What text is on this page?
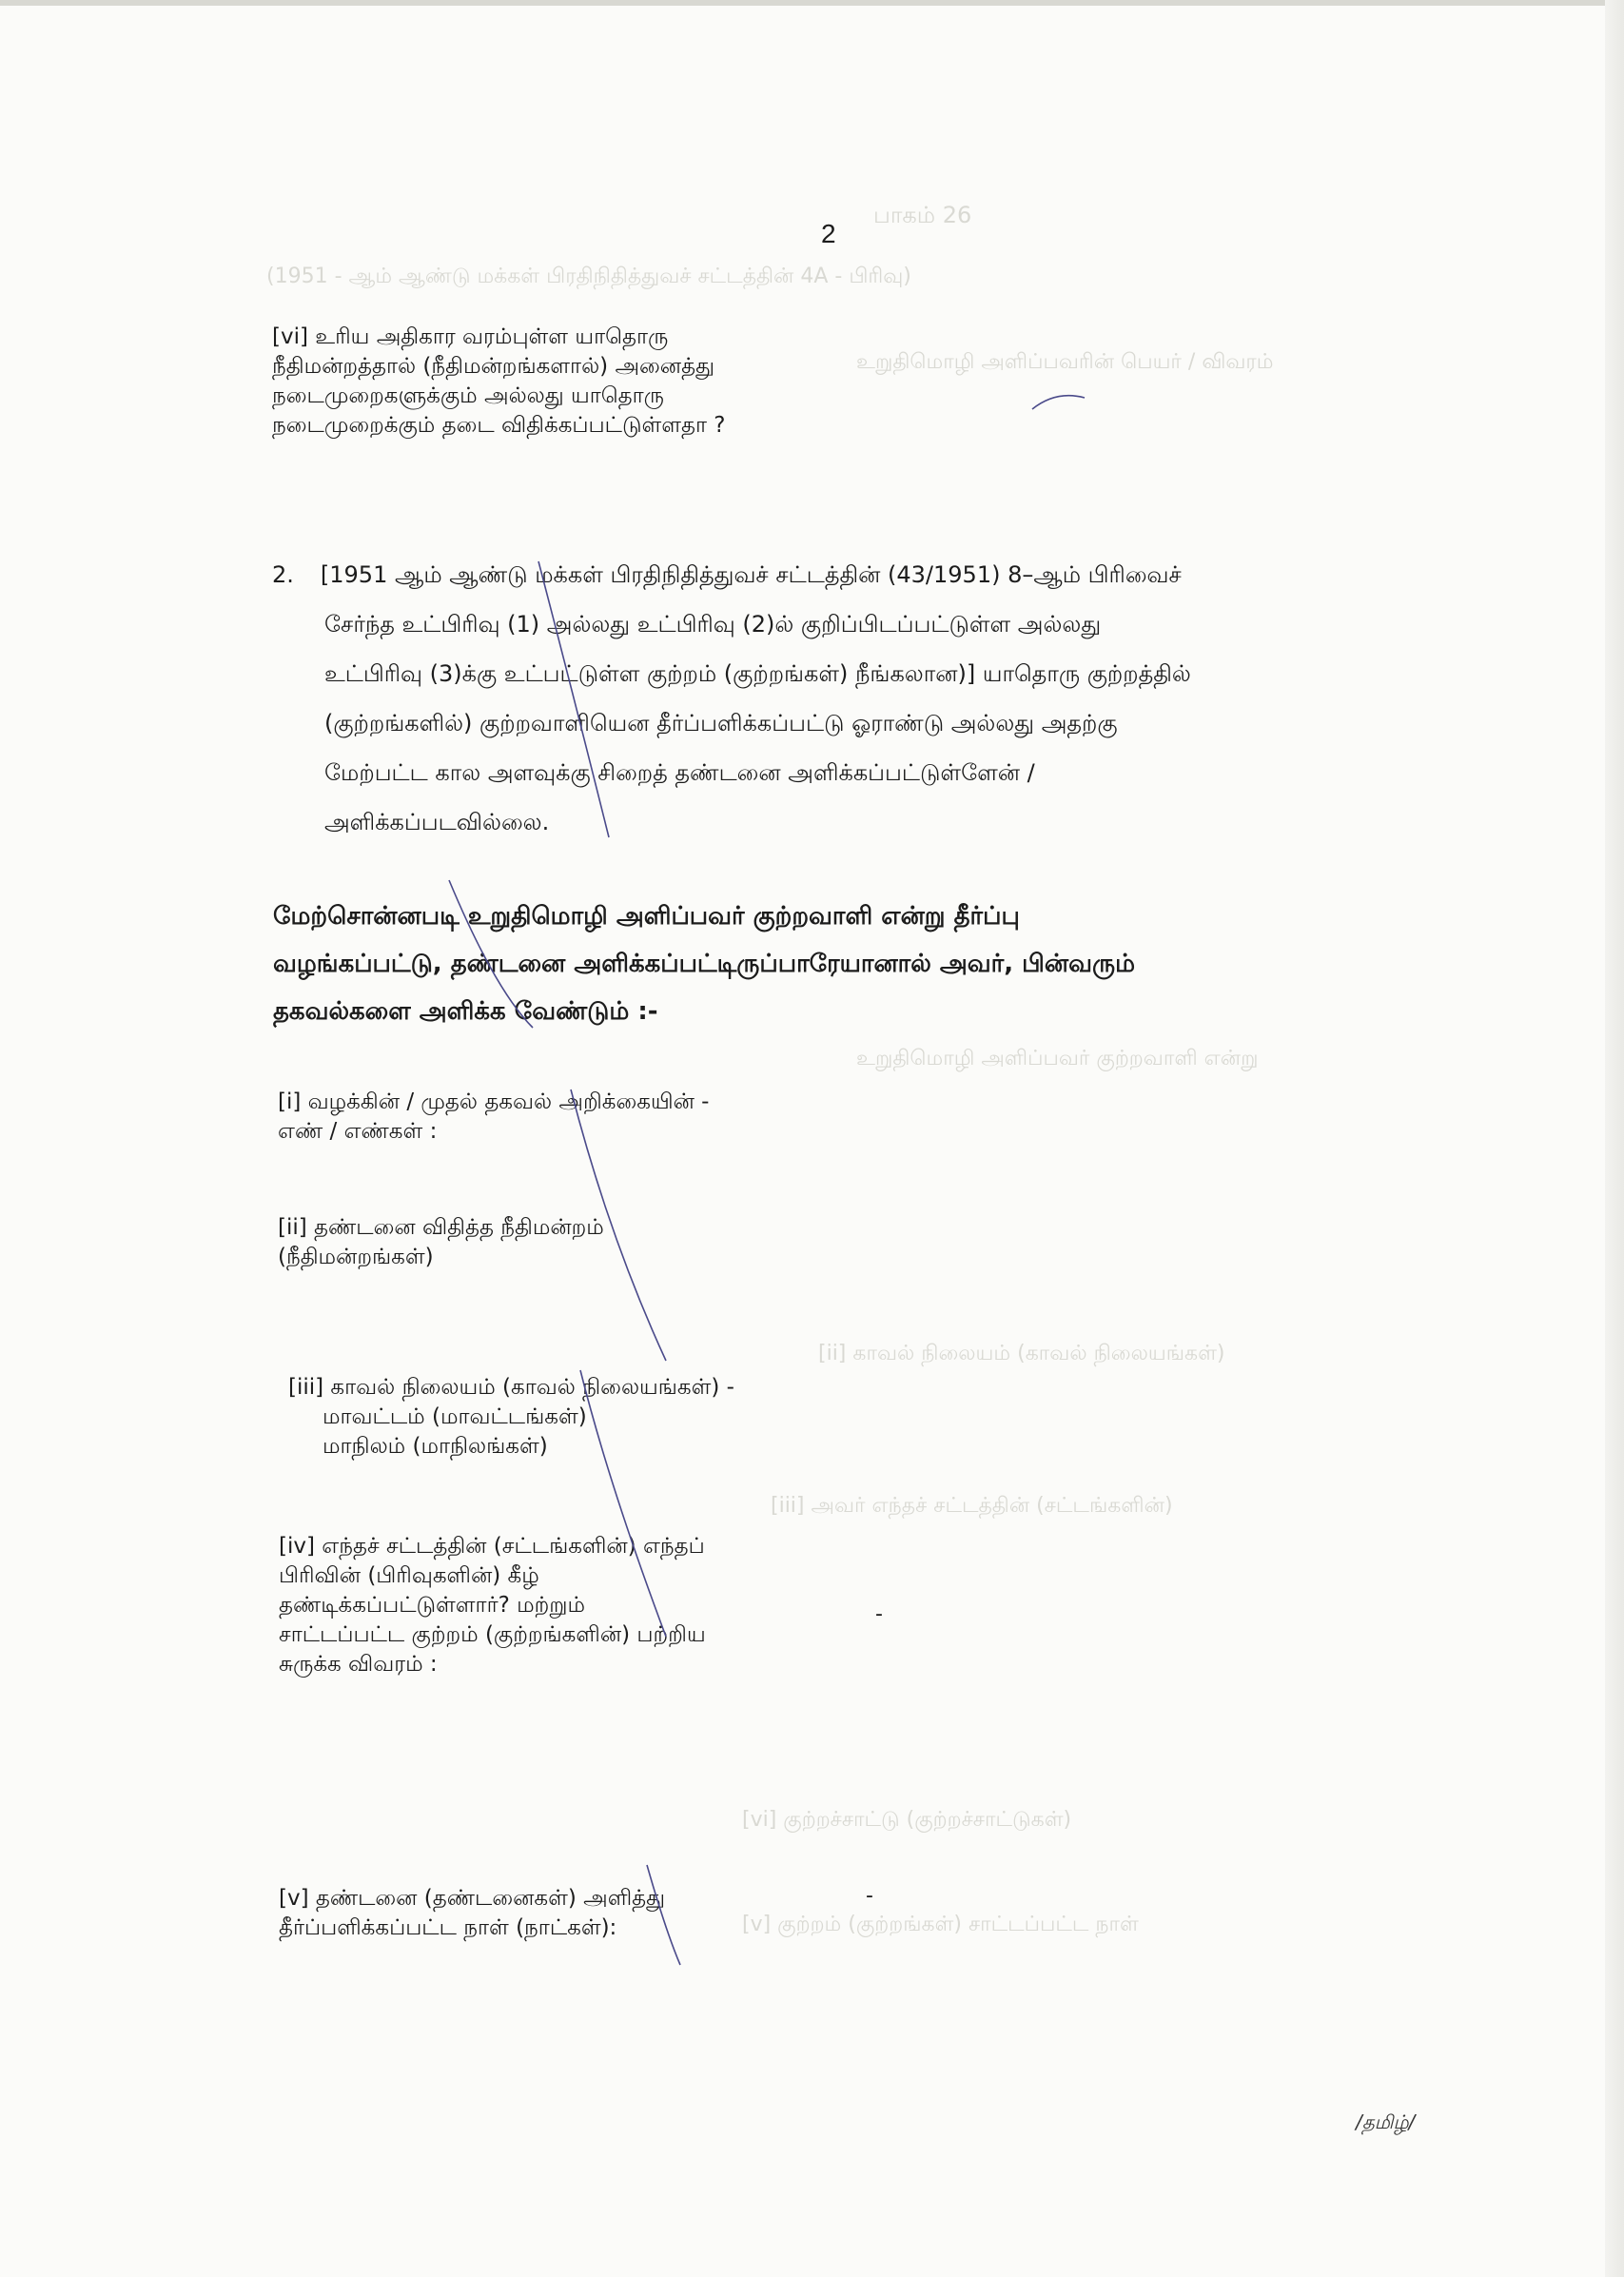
பாகம் 26
(1951 - ஆம் ஆண்டு மக்கள் பிரதிநிதித்துவச் சட்டத்தின் 4A - பிரிவு)
உறுதிமொழி அளிப்பவரின் பெயர் / விவரம்
உறுதிமொழி அளிப்பவர் குற்றவாளி என்று
[ii] காவல் நிலையம் (காவல் நிலையங்கள்)
[iii] அவர் எந்தச் சட்டத்தின் (சட்டங்களின்)
[vi] குற்றச்சாட்டு (குற்றச்சாட்டுகள்)
[v] குற்றம் (குற்றங்கள்) சாட்டப்பட்ட நாள்
2
[vi] உரிய அதிகார வரம்புள்ள யாதொரு
நீதிமன்றத்தால் (நீதிமன்றங்களால்) அனைத்து
நடைமுறைகளுக்கும் அல்லது யாதொரு
நடைமுறைக்கும் தடை விதிக்கப்பட்டுள்ளதா ?
2. [1951 ஆம் ஆண்டு மக்கள் பிரதிநிதித்துவச் சட்டத்தின் (43/1951) 8–ஆம் பிரிவைச்
சேர்ந்த உட்பிரிவு (1) அல்லது உட்பிரிவு (2)ல் குறிப்பிடப்பட்டுள்ள அல்லது
உட்பிரிவு (3)க்கு உட்பட்டுள்ள குற்றம் (குற்றங்கள்) நீங்கலான)] யாதொரு குற்றத்தில்
(குற்றங்களில்) குற்றவாளியென தீர்ப்பளிக்கப்பட்டு ஓராண்டு அல்லது அதற்கு
மேற்பட்ட கால அளவுக்கு சிறைத் தண்டனை அளிக்கப்பட்டுள்ளேன் /
அளிக்கப்படவில்லை.
மேற்சொன்னபடி உறுதிமொழி அளிப்பவர் குற்றவாளி என்று தீர்ப்பு
வழங்கப்பட்டு, தண்டனை அளிக்கப்பட்டிருப்பாரேயானால் அவர், பின்வரும்
தகவல்களை அளிக்க வேண்டும் :-
[i] வழக்கின் / முதல் தகவல் அறிக்கையின் -
எண் / எண்கள் :
[ii] தண்டனை விதித்த நீதிமன்றம்
(நீதிமன்றங்கள்)
[iii] காவல் நிலையம் (காவல் நிலையங்கள்) -
மாவட்டம் (மாவட்டங்கள்)
மாநிலம் (மாநிலங்கள்)
[iv] எந்தச் சட்டத்தின் (சட்டங்களின்) எந்தப்
பிரிவின் (பிரிவுகளின்) கீழ்
தண்டிக்கப்பட்டுள்ளார்? மற்றும்
சாட்டப்பட்ட குற்றம் (குற்றங்களின்) பற்றிய
சுருக்க விவரம் :
-
[v] தண்டனை (தண்டனைகள்) அளித்து
தீர்ப்பளிக்கப்பட்ட நாள் (நாட்கள்):
-
/தமிழ்/
